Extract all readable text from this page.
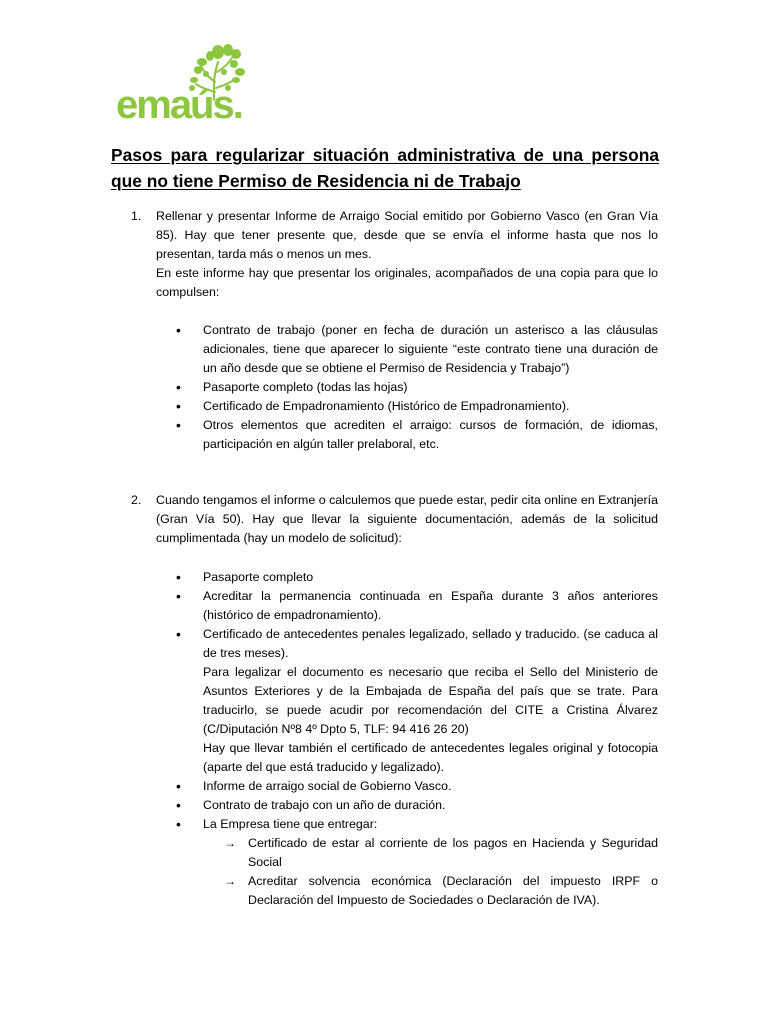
emaús.
Pasos para regularizar situación administrativa de una persona que no tiene Permiso de Residencia ni de Trabajo
1. Rellenar y presentar Informe de Arraigo Social emitido por Gobierno Vasco (en Gran Vía 85). Hay que tener presente que, desde que se envía el informe hasta que nos lo presentan, tarda más o menos un mes.

En este informe hay que presentar los originales, acompañados de una copia para que lo compulsen:

• Contrato de trabajo (poner en fecha de duración un asterisco a las cláusulas adicionales, tiene que aparecer lo siguiente “este contrato tiene una duración de un año desde que se obtiene el Permiso de Residencia y Trabajo”)
• Pasaporte completo (todas las hojas)
• Certificado de Empadronamiento (Histórico de Empadronamiento).
• Otros elementos que acrediten el arraigo: cursos de formación, de idiomas, participación en algún taller prelaboral, etc.
2. Cuando tengamos el informe o calculemos que puede estar, pedir cita online en Extranjería (Gran Vía 50). Hay que llevar la siguiente documentación, además de la solicitud cumplimentada (hay un modelo de solicitud):

• Pasaporte completo
• Acreditar la permanencia continuada en España durante 3 años anteriores (histórico de empadronamiento).
• Certificado de antecedentes penales legalizado, sellado y traducido. (se caduca al de tres meses).
Para legalizar el documento es necesario que reciba el Sello del Ministerio de Asuntos Exteriores y de la Embajada de España del país que se trate. Para traducirlo, se puede acudir por recomendación del CITE a Cristina Álvarez (C/Diputación Nº8 4º Dpto 5, TLF: 94 416 26 20)
Hay que llevar también el certificado de antecedentes legales original y fotocopia (aparte del que está traducido y legalizado).
• Informe de arraigo social de Gobierno Vasco.
• Contrato de trabajo con un año de duración.
• La Empresa tiene que entregar:
→ Certificado de estar al corriente de los pagos en Hacienda y Seguridad Social
→ Acreditar solvencia económica (Declaración del impuesto IRPF o Declaración del Impuesto de Sociedades o Declaración de IVA).
